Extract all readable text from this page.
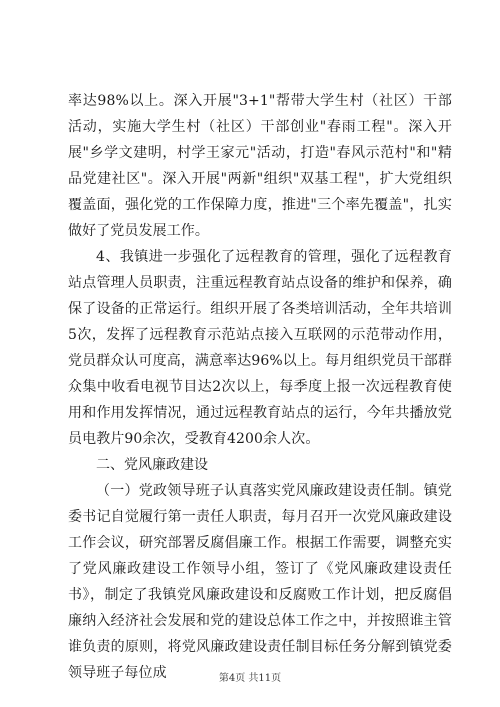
率达98%以上。深入开展"3+1"帮带大学生村（社区）干部活动，实施大学生村（社区）干部创业"春雨工程"。深入开展"乡学文建明，村学王家元"活动，打造"春风示范村"和"精品党建社区"。深入开展"两新"组织"双基工程"，扩大党组织覆盖面，强化党的工作保障力度，推进"三个率先覆盖"，扎实做好了党员发展工作。

4、我镇进一步强化了远程教育的管理，强化了远程教育站点管理人员职责，注重远程教育站点设备的维护和保养，确保了设备的正常运行。组织开展了各类培训活动，全年共培训5次，发挥了远程教育示范站点接入互联网的示范带动作用，党员群众认可度高，满意率达96%以上。每月组织党员干部群众集中收看电视节目达2次以上，每季度上报一次远程教育使用和作用发挥情况，通过远程教育站点的运行，今年共播放党员电教片90余次，受教育4200余人次。

二、党风廉政建设

（一）党政领导班子认真落实党风廉政建设责任制。镇党委书记自觉履行第一责任人职责，每月召开一次党风廉政建设工作会议，研究部署反腐倡廉工作。根据工作需要，调整充实了党风廉政建设工作领导小组，签订了《党风廉政建设责任书》，制定了我镇党风廉政建设和反腐败工作计划，把反腐倡廉纳入经济社会发展和党的建设总体工作之中，并按照谁主管谁负责的原则，将党风廉政建设责任制目标任务分解到镇党委领导班子每位成	第4页 共11页
